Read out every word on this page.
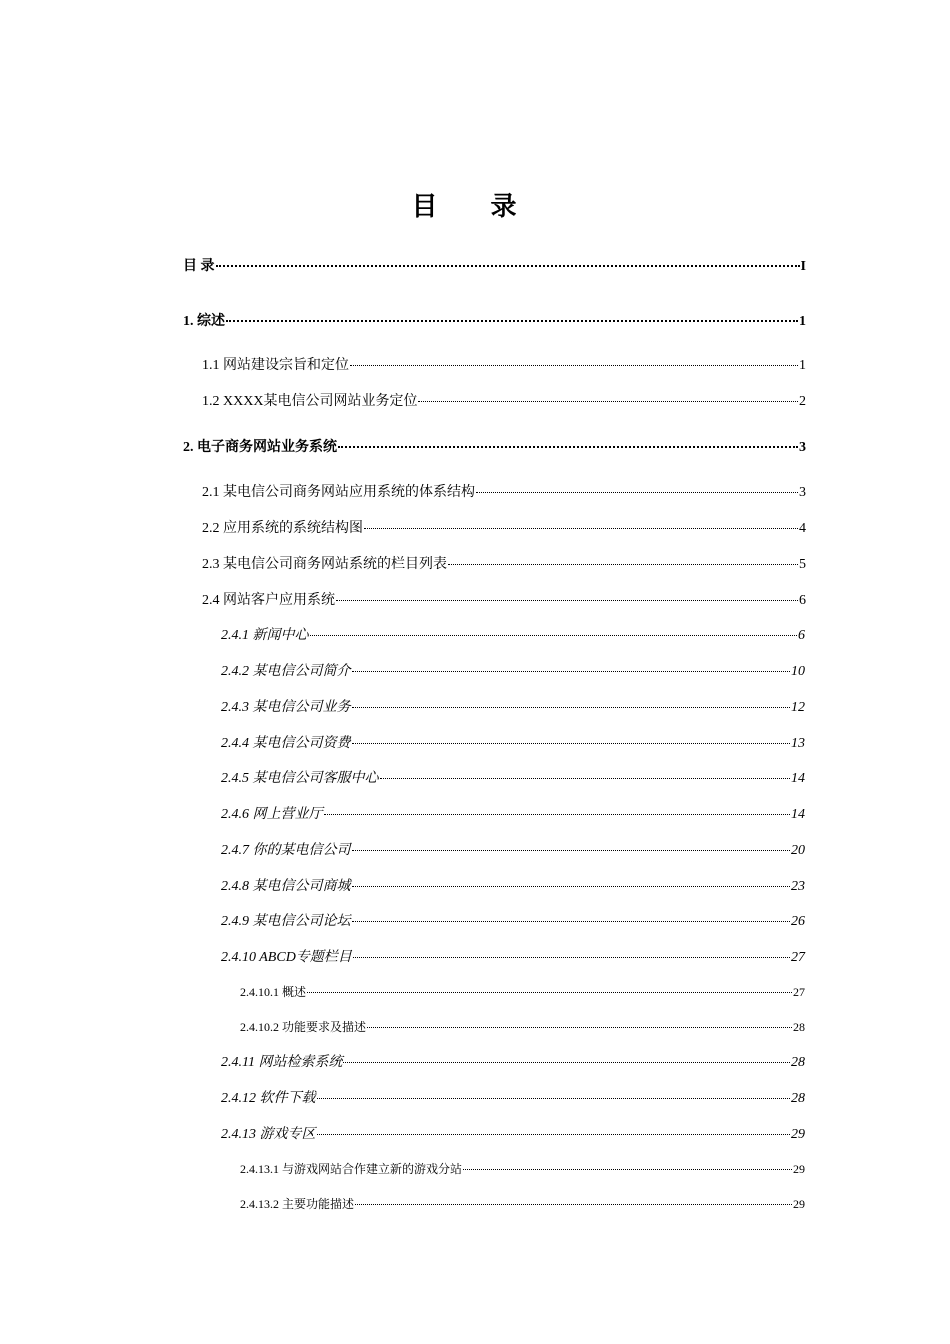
目 录
目 录	I
1. 综述	1
1.1 网站建设宗旨和定位	1
1.2 XXXX某电信公司网站业务定位	2
2. 电子商务网站业务系统	3
2.1 某电信公司商务网站应用系统的体系结构	3
2.2 应用系统的系统结构图	4
2.3 某电信公司商务网站系统的栏目列表	5
2.4 网站客户应用系统	6
2.4.1 新闻中心	6
2.4.2 某电信公司简介	10
2.4.3 某电信公司业务	12
2.4.4 某电信公司资费	13
2.4.5 某电信公司客服中心	14
2.4.6 网上营业厅	14
2.4.7 你的某电信公司	20
2.4.8 某电信公司商城	23
2.4.9 某电信公司论坛	26
2.4.10 ABCD专题栏目	27
2.4.10.1 概述	27
2.4.10.2 功能要求及描述	28
2.4.11 网站检索系统	28
2.4.12 软件下载	28
2.4.13 游戏专区	29
2.4.13.1 与游戏网站合作建立新的游戏分站	29
2.4.13.2 主要功能描述	29
